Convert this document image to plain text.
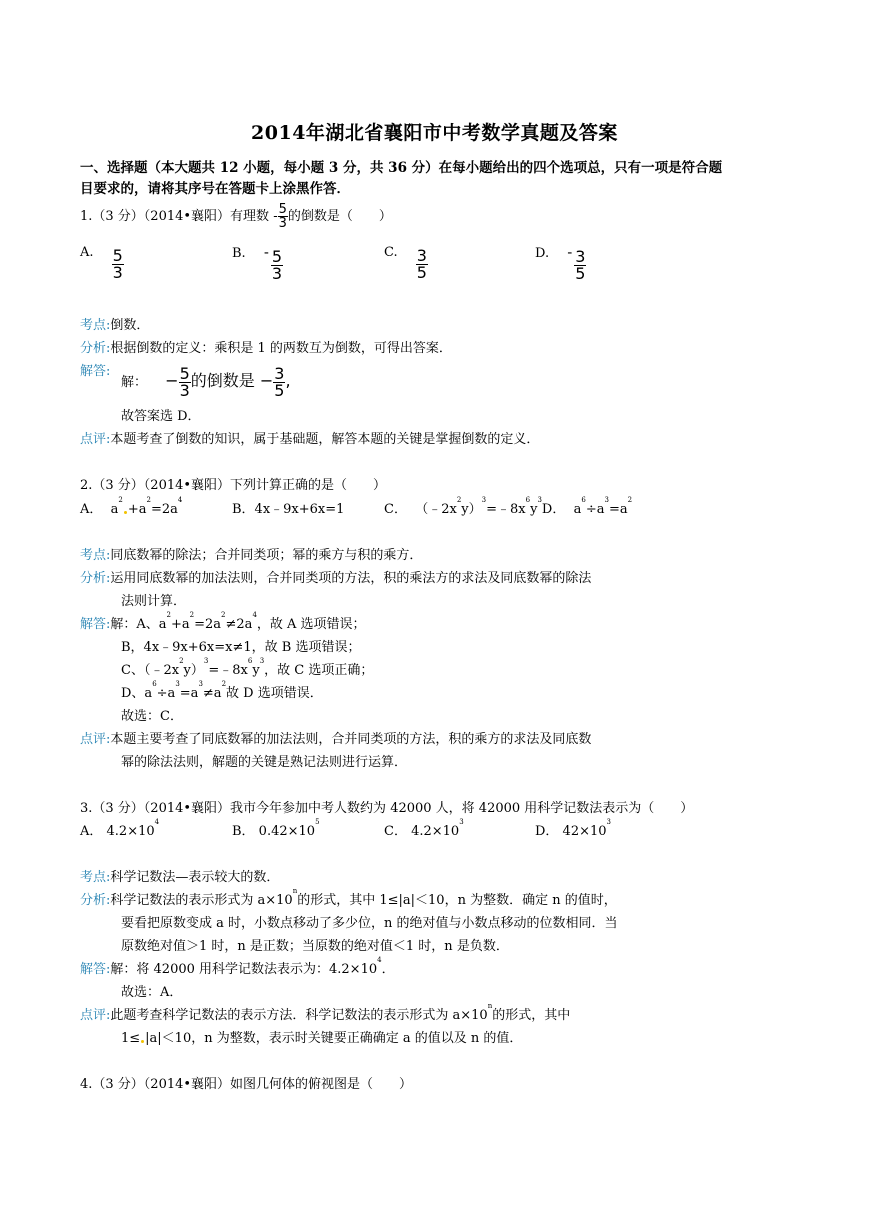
2014年湖北省襄阳市中考数学真题及答案
一、选择题（本大题共 12 小题，每小题 3 分，共 36 分）在每小题给出的四个选项总，只有一项是符合题
目要求的，请将其序号在答题卡上涂黑作答．
1.（3 分）（2014•襄阳）有理数 - $\frac{5}{3}$ 的倒数是（　　）
A. $\frac{5}{3}$	B. - $\frac{5}{3}$	C. $\frac{3}{5}$	D. - $\frac{3}{5}$
考点:倒数．
分析:根据倒数的定义：乘积是 1 的两数互为倒数，可得出答案．
解答:
解： − $\frac{5}{3}$ 的倒数是 − $\frac{3}{5}$ ,
故答案选 D．
点评:本题考查了倒数的知识，属于基础题，解答本题的关键是掌握倒数的定义．
2.（3 分）（2014•襄阳）下列计算正确的是（　　）
A．  $a^2+a^2=2a^4$
B．4x﹣9x+6x=1	C．  $(﹣2x^2y)^3=﹣8x^6y^3D$．  $a^6\div a^3=a^2$
考点:同底数幂的除法；合并同类项；幂的乘方与积的乘方．
分析:运用同底数幂的加法法则，合并同类项的方法，积的乘法方的求法及同底数幂的除法
法则计算．
解答:解：A、$a^2+a^2=2a^2\ne 2a^4$，故 A 选项错误；
B，4x﹣9x+6x=x≠1，故 B 选项错误；
C、$(﹣2x^2y)^3=﹣8x^6y^3$，故 C 选项正确；
D、$a^6\div a^3=a^3\ne a^2$故 D 选项错误．
故选：C．
点评:本题主要考查了同底数幂的加法法则，合并同类项的方法，积的乘方的求法及同底数
幂的除法法则，解题的关键是熟记法则进行运算．
3.（3 分）（2014•襄阳）我市今年参加中考人数约为 42000 人，将 42000 用科学记数法表示为（　　）
A． $4.2\times 10^4$
B． $0.42\times 10^5$
C． $4.2\times 10^3$
D． $42\times 10^3$
考点:科学记数法—表示较大的数．
分析:科学记数法的表示形式为 $a\times 10^n$的形式，其中 1≤|a|＜10，n 为整数．确定 n 的值时，
要看把原数变成 a 时，小数点移动了多少位，n 的绝对值与小数点移动的位数相同．当
原数绝对值＞1 时，n 是正数；当原数的绝对值＜1 时，n 是负数．
解答:解：将 42000 用科学记数法表示为：$4.2\times 10^4$．
故选：A．
点评:此题考查科学记数法的表示方法．科学记数法的表示形式为 $a\times 10^n$的形式，其中
1≤ |a|＜10，n 为整数，表示时关键要正确确定 a 的值以及 n 的值．
4.（3 分）（2014•襄阳）如图几何体的俯视图是（　　）
